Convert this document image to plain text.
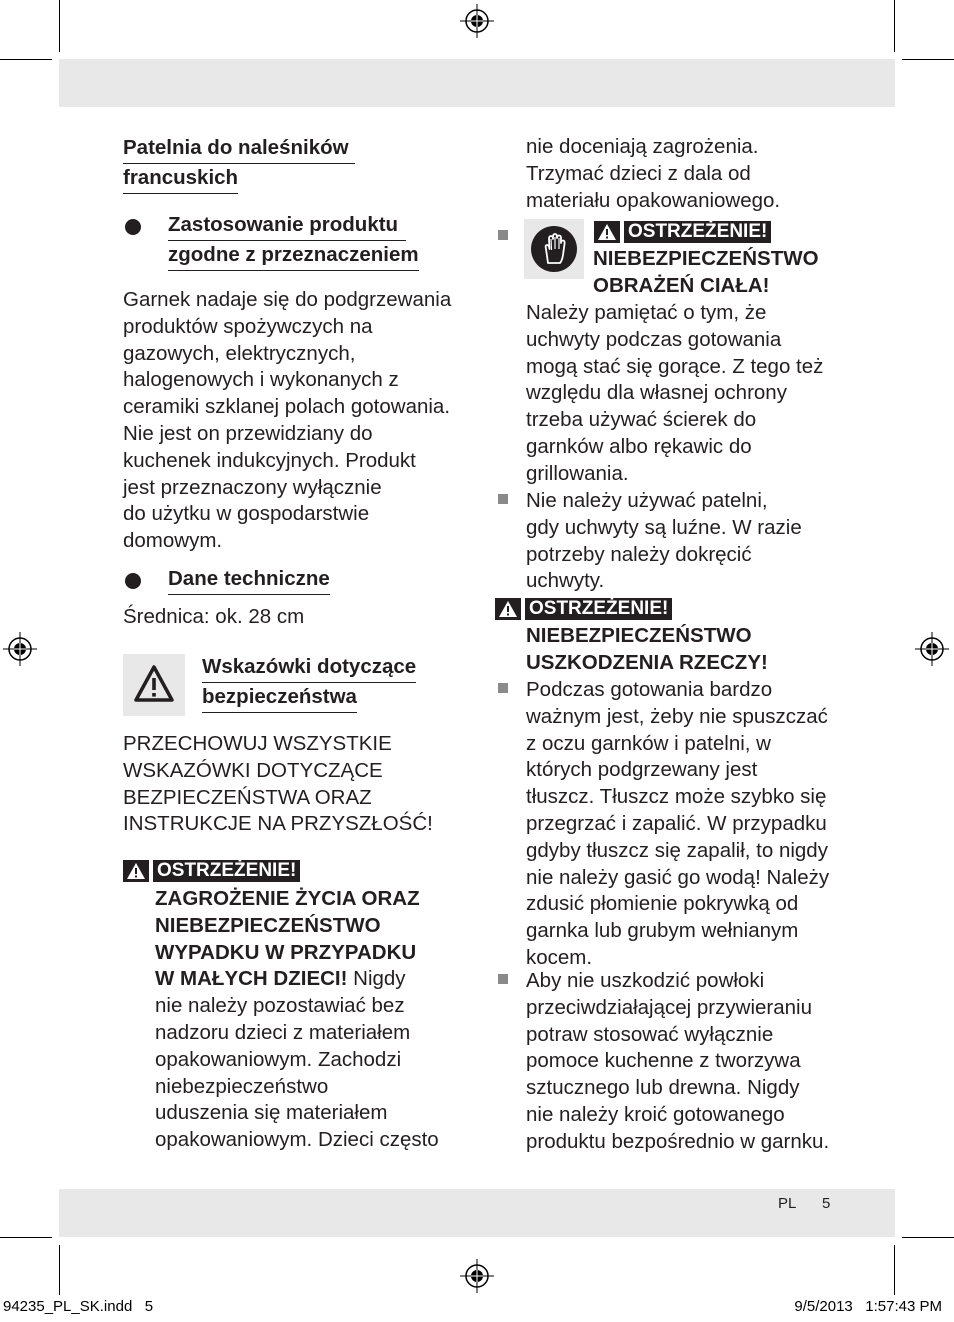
PL 5
Patelnia do naleśników
francuskich
Zastosowanie produktu
zgodne z przeznaczeniem
Garnek nadaje się do podgrzewania
produktów spożywczych na
gazowych, elektrycznych,
halogenowych i wykonanych z
ceramiki szklanej polach gotowania.
Nie jest on przewidziany do
kuchenek indukcyjnych. Produkt
jest przeznaczony wyłącznie
do użytku w gospodarstwie
domowym.
Dane techniczne
Średnica: ok. 28 cm
Wskazówki dotyczące
bezpieczeństwa
PRZECHOWUJ WSZYSTKIE
WSKAZÓWKI DOTYCZĄCE
BEZPIECZEŃSTWA ORAZ
INSTRUKCJE NA PRZYSZŁOŚĆ!
OSTRZEŻENIE!
ZAGROŻENIE ŻYCIA ORAZ
NIEBEZPIECZEŃSTWO
WYPADKU W PRZYPADKU
W MAŁYCH DZIECI! Nigdy
nie należy pozostawiać bez
nadzoru dzieci z materiałem
opakowaniowym. Zachodzi
niebezpieczeństwo
uduszenia się materiałem
opakowaniowym. Dzieci często
nie doceniają zagrożenia.
Trzymać dzieci z dala od
materiału opakowaniowego.
OSTRZEŻENIE!
NIEBEZPIECZEŃSTWO
OBRAŻEŃ CIAŁA!
Należy pamiętać o tym, że
uchwyty podczas gotowania
mogą stać się gorące. Z tego też
względu dla własnej ochrony
trzeba używać ścierek do
garnków albo rękawic do
grillowania.
Nie należy używać patelni,
gdy uchwyty są luźne. W razie
potrzeby należy dokręcić
uchwyty.
OSTRZEŻENIE!
NIEBEZPIECZEŃSTWO
USZKODZENIA RZECZY!
Podczas gotowania bardzo
ważnym jest, żeby nie spuszczać
z oczu garnków i patelni, w
których podgrzewany jest
tłuszcz. Tłuszcz może szybko się
przegrzać i zapalić. W przypadku
gdyby tłuszcz się zapalił, to nigdy
nie należy gasić go wodą! Należy
zdusić płomienie pokrywką od
garnka lub grubym wełnianym
kocem.
Aby nie uszkodzić powłoki
przeciwdziałającej przywieraniu
potraw stosować wyłącznie
pomoce kuchenne z tworzywa
sztucznego lub drewna. Nigdy
nie należy kroić gotowanego
produktu bezpośrednio w garnku.
94235_PL_SK.indd   5	9/5/2013   1:57:43 PM
